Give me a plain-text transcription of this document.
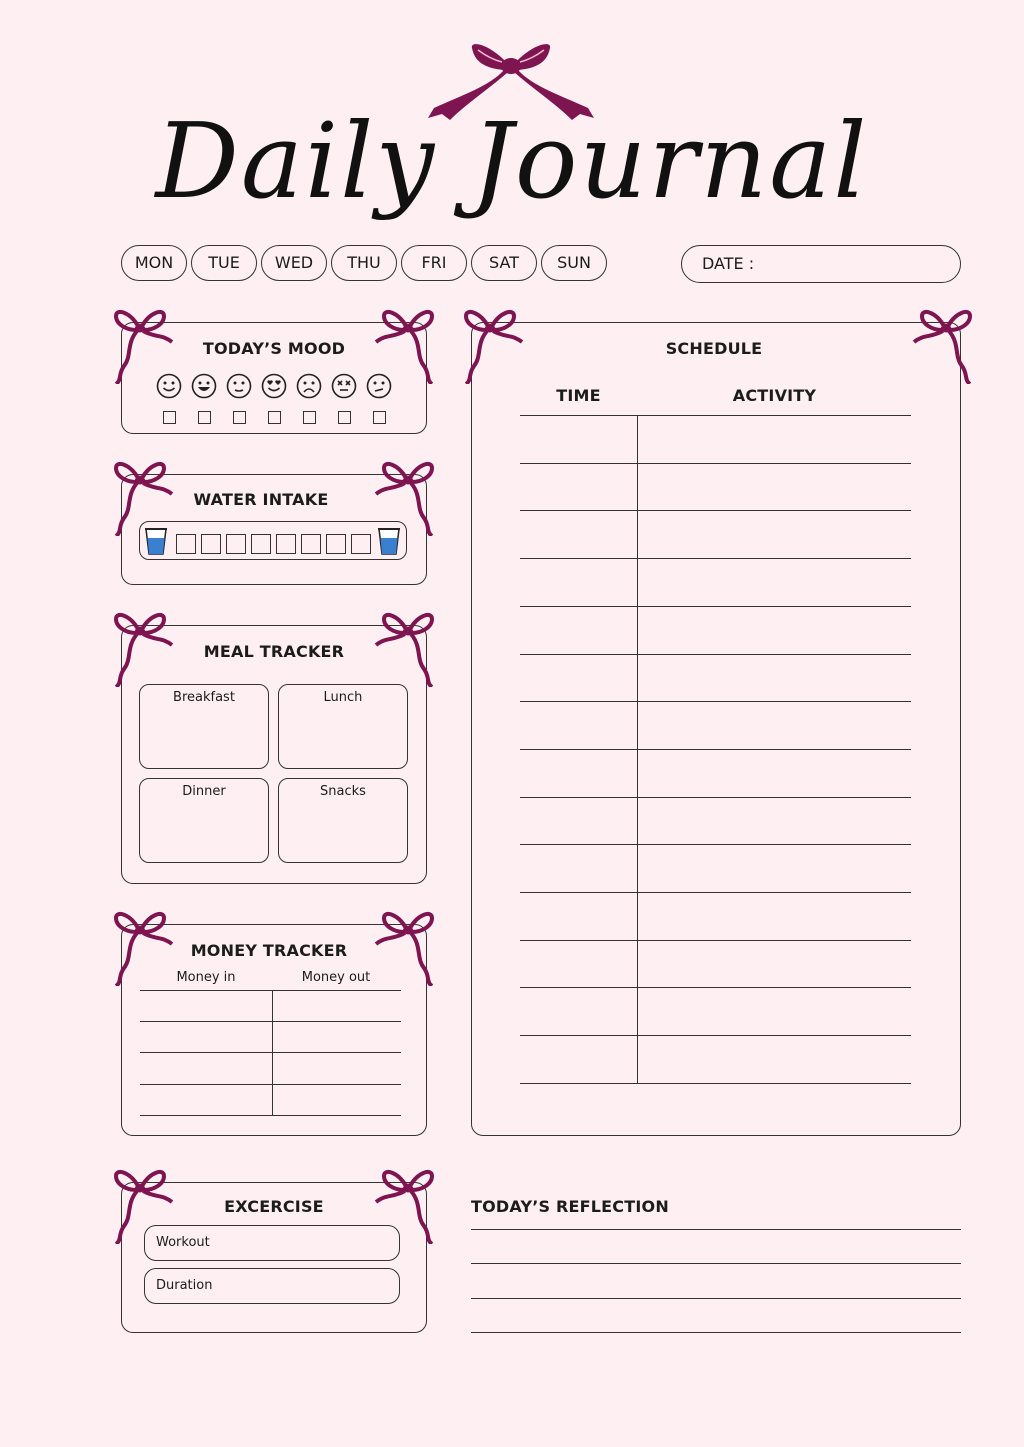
Daily Journal
MON	TUE	WED	THU	FRI	SAT	SUN	DATE :
TODAY’S MOOD
WATER INTAKE
MEAL TRACKER
Breakfast	Lunch
Dinner	Snacks
MONEY TRACKER
Money in	Money out
EXCERCISE
Workout
Duration
SCHEDULE
TIME	ACTIVITY
TODAY’S REFLECTION
